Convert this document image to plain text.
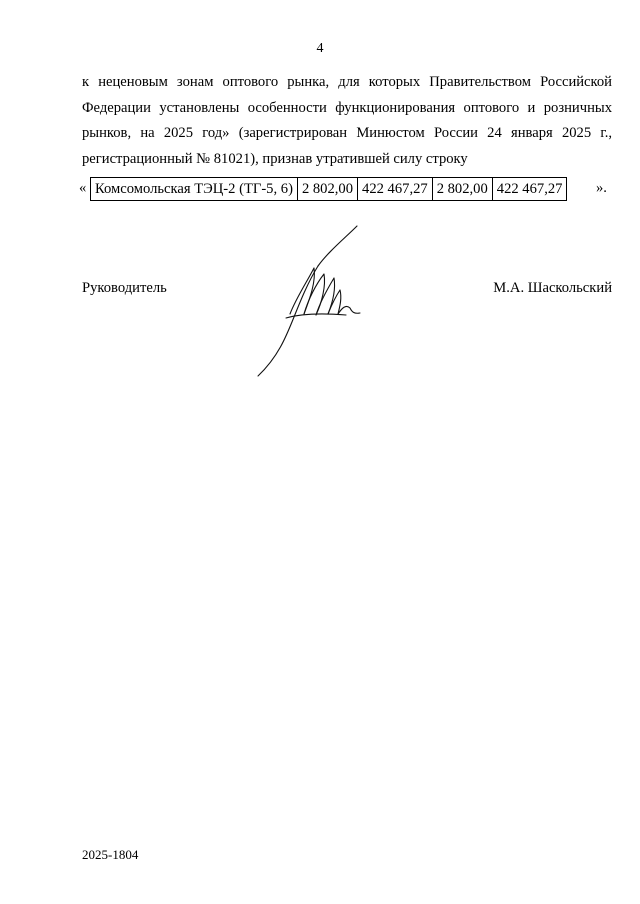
4
к неценовым зонам оптового рынка, для которых Правительством Российской
Федерации установлены особенности функционирования оптового и розничных
рынков, на 2025 год» (зарегистрирован Минюстом России 24 января 2025 г.,
регистрационный № 81021), признав утратившей силу строку
« Комсомольская ТЭЦ-2 (ТГ-5, 6)	2 802,00	422 467,27	2 802,00	422 467,27 ».
Руководитель	М.А. Шаскольский
2025-1804
